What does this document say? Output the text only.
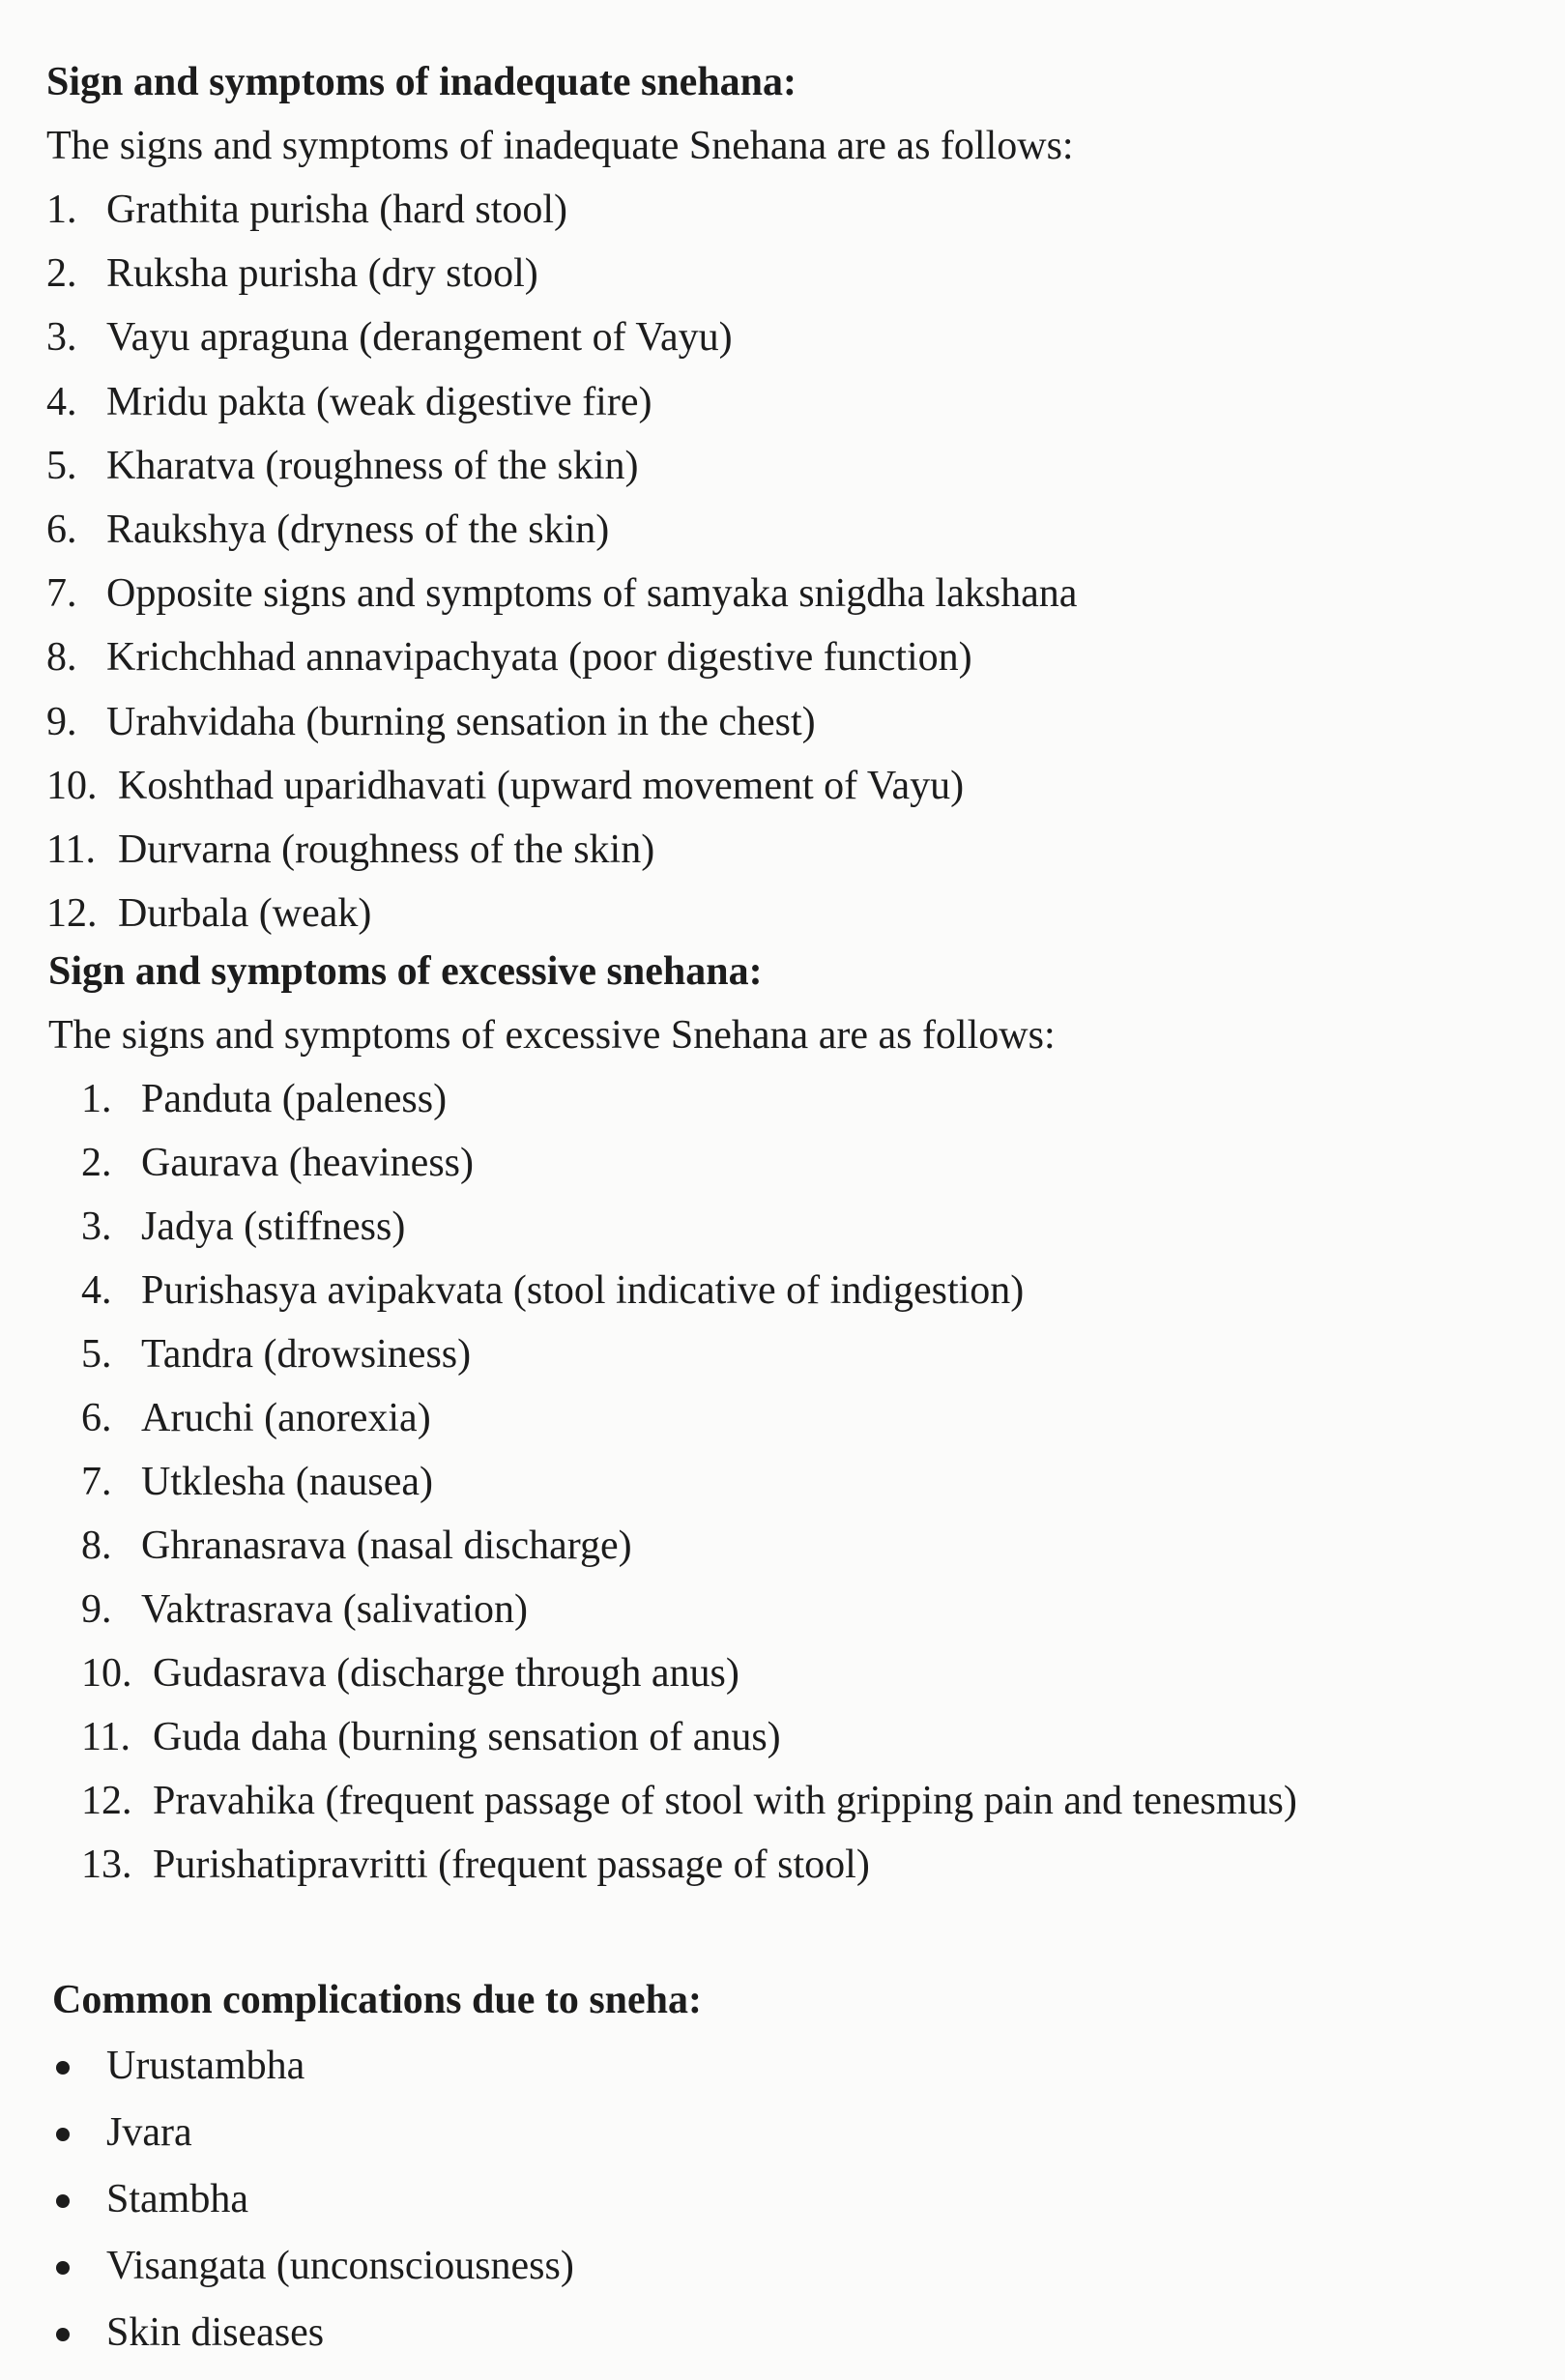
Sign and symptoms of inadequate snehana:
The signs and symptoms of inadequate Snehana are as follows:
1. Grathita purisha (hard stool)
2. Ruksha purisha (dry stool)
3. Vayu apraguna (derangement of Vayu)
4. Mridu pakta (weak digestive fire)
5. Kharatva (roughness of the skin)
6. Raukshya (dryness of the skin)
7. Opposite signs and symptoms of samyaka snigdha lakshana
8. Krichchhad annavipachyata (poor digestive function)
9. Urahvidaha (burning sensation in the chest)
10. Koshthad uparidhavati (upward movement of Vayu)
11. Durvarna (roughness of the skin)
12. Durbala (weak)
Sign and symptoms of excessive snehana:
The signs and symptoms of excessive Snehana are as follows:
1. Panduta (paleness)
2. Gaurava (heaviness)
3. Jadya (stiffness)
4. Purishasya avipakvata (stool indicative of indigestion)
5. Tandra (drowsiness)
6. Aruchi (anorexia)
7. Utklesha (nausea)
8. Ghranasrava (nasal discharge)
9. Vaktrasrava (salivation)
10. Gudasrava (discharge through anus)
11. Guda daha (burning sensation of anus)
12. Pravahika (frequent passage of stool with gripping pain and tenesmus)
13. Purishatipravritti (frequent passage of stool)
Common complications due to sneha:
Urustambha
Jvara
Stambha
Visangata (unconsciousness)
Skin diseases
